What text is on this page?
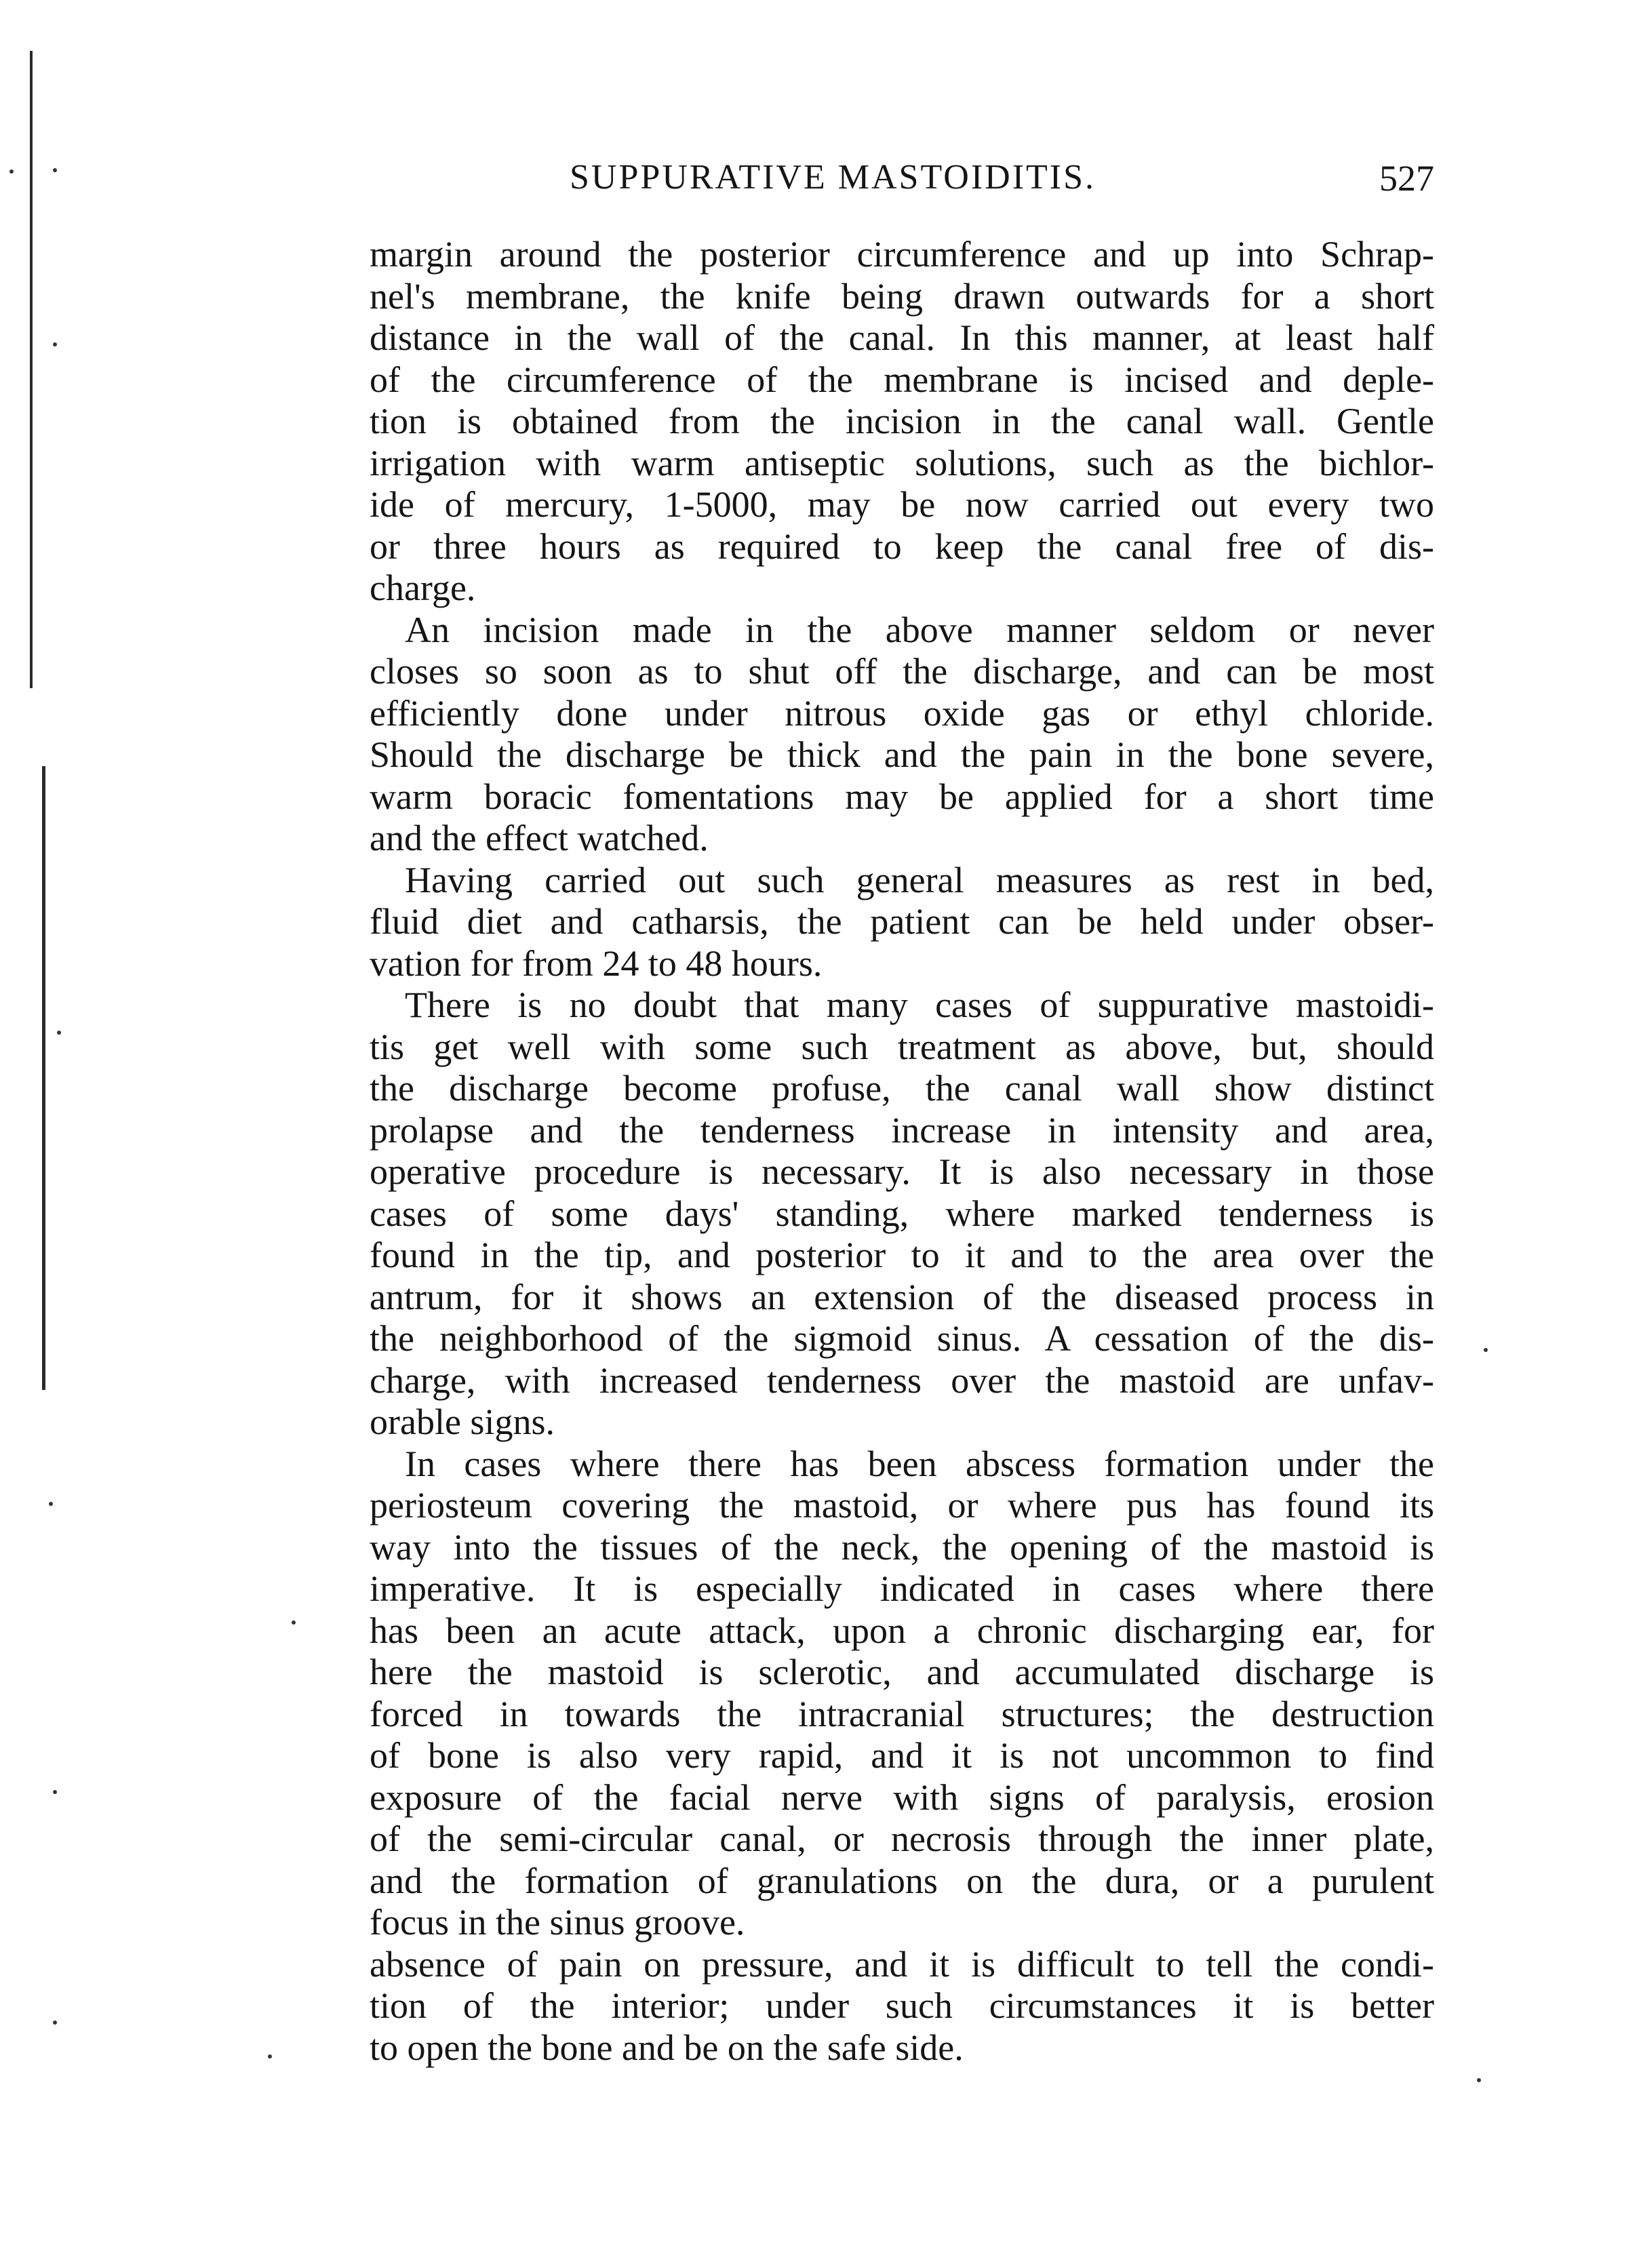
SUPPURATIVE MASTOIDITIS.	527
margin around the posterior circumference and up into Schrap-
nel's membrane, the knife being drawn outwards for a short
distance in the wall of the canal. In this manner, at least half
of the circumference of the membrane is incised and deple-
tion is obtained from the incision in the canal wall. Gentle
irrigation with warm antiseptic solutions, such as the bichlor-
ide of mercury, 1-5000, may be now carried out every two
or three hours as required to keep the canal free of dis-
charge.
An incision made in the above manner seldom or never
closes so soon as to shut off the discharge, and can be most
efficiently done under nitrous oxide gas or ethyl chloride.
Should the discharge be thick and the pain in the bone severe,
warm boracic fomentations may be applied for a short time
and the effect watched.
Having carried out such general measures as rest in bed,
fluid diet and catharsis, the patient can be held under obser-
vation for from 24 to 48 hours.
There is no doubt that many cases of suppurative mastoidi-
tis get well with some such treatment as above, but, should
the discharge become profuse, the canal wall show distinct
prolapse and the tenderness increase in intensity and area,
operative procedure is necessary. It is also necessary in those
cases of some days' standing, where marked tenderness is
found in the tip, and posterior to it and to the area over the
antrum, for it shows an extension of the diseased process in
the neighborhood of the sigmoid sinus. A cessation of the dis-
charge, with increased tenderness over the mastoid are unfav-
orable signs.
In cases where there has been abscess formation under the
periosteum covering the mastoid, or where pus has found its
way into the tissues of the neck, the opening of the mastoid is
imperative. It is especially indicated in cases where there
has been an acute attack, upon a chronic discharging ear, for
here the mastoid is sclerotic, and accumulated discharge is
forced in towards the intracranial structures; the destruction
of bone is also very rapid, and it is not uncommon to find
exposure of the facial nerve with signs of paralysis, erosion
of the semi-circular canal, or necrosis through the inner plate,
and the formation of granulations on the dura, or a purulent
focus in the sinus groove.
absence of pain on pressure, and it is difficult to tell the condi-
tion of the interior; under such circumstances it is better
to open the bone and be on the safe side.
